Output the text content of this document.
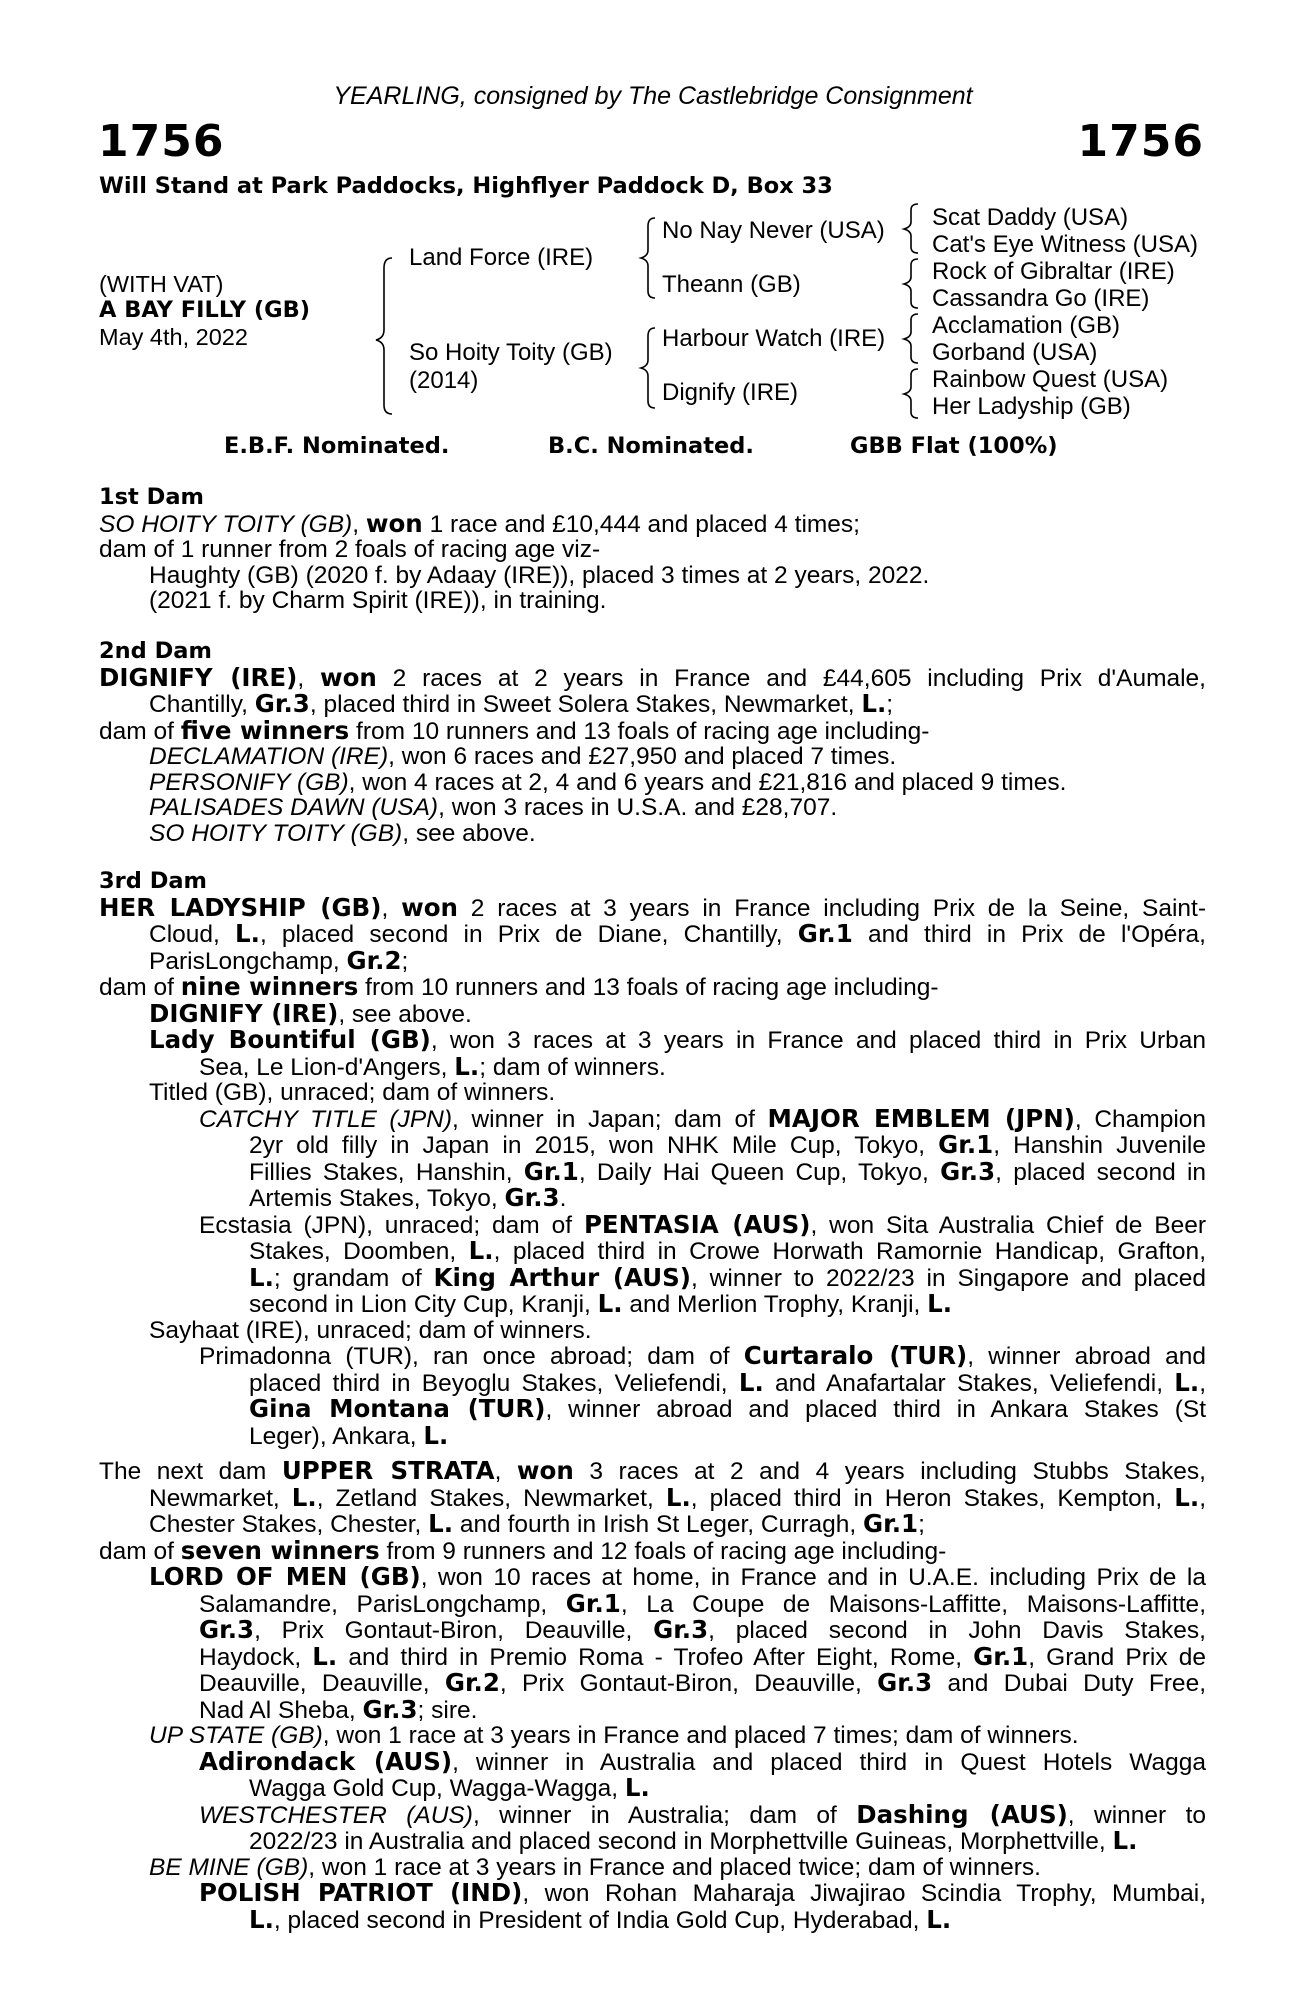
YEARLING, consigned by The Castlebridge Consignment
1756	1756
Will Stand at Park Paddocks, Highflyer Paddock D, Box 33
(WITH VAT)
A BAY FILLY (GB)
May 4th, 2022
Land Force (IRE)
So Hoity Toity (GB)
(2014)
No Nay Never (USA)
Theann (GB)
Harbour Watch (IRE)
Dignify (IRE)
Scat Daddy (USA)
Cat's Eye Witness (USA)
Rock of Gibraltar (IRE)
Cassandra Go (IRE)
Acclamation (GB)
Gorband (USA)
Rainbow Quest (USA)
Her Ladyship (GB)
E.B.F. Nominated.	B.C. Nominated.	GBB Flat (100%)
1st Dam
SO HOITY TOITY (GB), won 1 race and £10,444 and placed 4 times;
dam of 1 runner from 2 foals of racing age viz-
Haughty (GB) (2020 f. by Adaay (IRE)), placed 3 times at 2 years, 2022.
(2021 f. by Charm Spirit (IRE)), in training.
2nd Dam
DIGNIFY (IRE), won 2 races at 2 years in France and £44,605 including Prix d'Aumale,
Chantilly, Gr.3, placed third in Sweet Solera Stakes, Newmarket, L.;
dam of five winners from 10 runners and 13 foals of racing age including-
DECLAMATION (IRE), won 6 races and £27,950 and placed 7 times.
PERSONIFY (GB), won 4 races at 2, 4 and 6 years and £21,816 and placed 9 times.
PALISADES DAWN (USA), won 3 races in U.S.A. and £28,707.
SO HOITY TOITY (GB), see above.
3rd Dam
HER LADYSHIP (GB), won 2 races at 3 years in France including Prix de la Seine, Saint-
Cloud, L., placed second in Prix de Diane, Chantilly, Gr.1 and third in Prix de l'Opéra,
ParisLongchamp, Gr.2;
dam of nine winners from 10 runners and 13 foals of racing age including-
DIGNIFY (IRE), see above.
Lady Bountiful (GB), won 3 races at 3 years in France and placed third in Prix Urban
Sea, Le Lion-d'Angers, L.; dam of winners.
Titled (GB), unraced; dam of winners.
CATCHY TITLE (JPN), winner in Japan; dam of MAJOR EMBLEM (JPN), Champion
2yr old filly in Japan in 2015, won NHK Mile Cup, Tokyo, Gr.1, Hanshin Juvenile
Fillies Stakes, Hanshin, Gr.1, Daily Hai Queen Cup, Tokyo, Gr.3, placed second in
Artemis Stakes, Tokyo, Gr.3.
Ecstasia (JPN), unraced; dam of PENTASIA (AUS), won Sita Australia Chief de Beer
Stakes, Doomben, L., placed third in Crowe Horwath Ramornie Handicap, Grafton,
L.; grandam of King Arthur (AUS), winner to 2022/23 in Singapore and placed
second in Lion City Cup, Kranji, L. and Merlion Trophy, Kranji, L.
Sayhaat (IRE), unraced; dam of winners.
Primadonna (TUR), ran once abroad; dam of Curtaralo (TUR), winner abroad and
placed third in Beyoglu Stakes, Veliefendi, L. and Anafartalar Stakes, Veliefendi, L.,
Gina Montana (TUR), winner abroad and placed third in Ankara Stakes (St
Leger), Ankara, L.
The next dam UPPER STRATA, won 3 races at 2 and 4 years including Stubbs Stakes,
Newmarket, L., Zetland Stakes, Newmarket, L., placed third in Heron Stakes, Kempton, L.,
Chester Stakes, Chester, L. and fourth in Irish St Leger, Curragh, Gr.1;
dam of seven winners from 9 runners and 12 foals of racing age including-
LORD OF MEN (GB), won 10 races at home, in France and in U.A.E. including Prix de la
Salamandre, ParisLongchamp, Gr.1, La Coupe de Maisons-Laffitte, Maisons-Laffitte,
Gr.3, Prix Gontaut-Biron, Deauville, Gr.3, placed second in John Davis Stakes,
Haydock, L. and third in Premio Roma - Trofeo After Eight, Rome, Gr.1, Grand Prix de
Deauville, Deauville, Gr.2, Prix Gontaut-Biron, Deauville, Gr.3 and Dubai Duty Free,
Nad Al Sheba, Gr.3; sire.
UP STATE (GB), won 1 race at 3 years in France and placed 7 times; dam of winners.
Adirondack (AUS), winner in Australia and placed third in Quest Hotels Wagga
Wagga Gold Cup, Wagga-Wagga, L.
WESTCHESTER (AUS), winner in Australia; dam of Dashing (AUS), winner to
2022/23 in Australia and placed second in Morphettville Guineas, Morphettville, L.
BE MINE (GB), won 1 race at 3 years in France and placed twice; dam of winners.
POLISH PATRIOT (IND), won Rohan Maharaja Jiwajirao Scindia Trophy, Mumbai,
L., placed second in President of India Gold Cup, Hyderabad, L.
